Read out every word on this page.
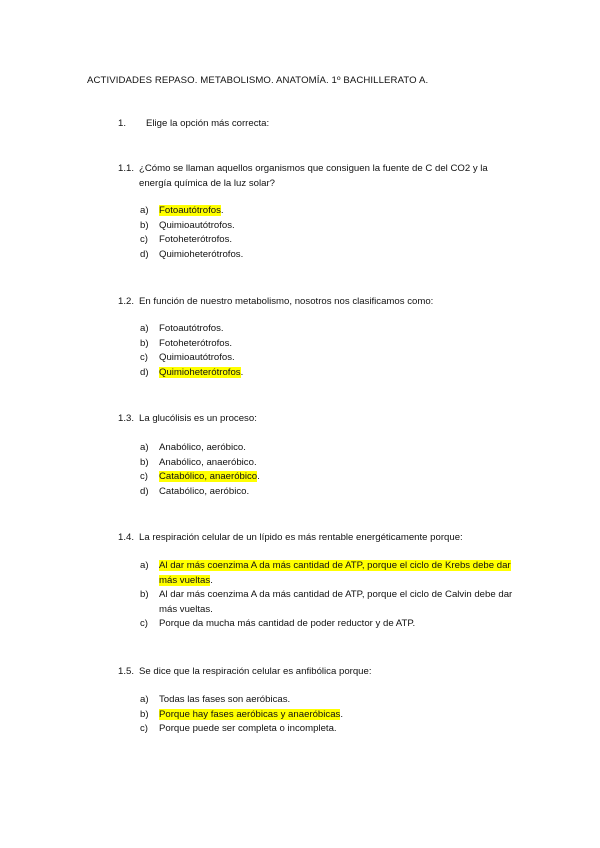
ACTIVIDADES REPASO. METABOLISMO. ANATOMÍA. 1º BACHILLERATO A.
1. Elige la opción más correcta:
1.1. ¿Cómo se llaman aquellos organismos que consiguen la fuente de C del CO2 y la energía química de la luz solar?
a) Fotoautótrofos.
b) Quimioautótrofos.
c) Fotoheterótrofos.
d) Quimioheterótrofos.
1.2. En función de nuestro metabolismo, nosotros nos clasificamos como:
a) Fotoautótrofos.
b) Fotoheterótrofos.
c) Quimioautótrofos.
d) Quimioheterótrofos.
1.3. La glucólisis es un proceso:
a) Anabólico, aeróbico.
b) Anabólico, anaeróbico.
c) Catabólico, anaeróbico.
d) Catabólico, aeróbico.
1.4. La respiración celular de un lípido es más rentable energéticamente porque:
a) Al dar más coenzima A da más cantidad de ATP, porque el ciclo de Krebs debe dar más vueltas.
b) Al dar más coenzima A da más cantidad de ATP, porque el ciclo de Calvin debe dar más vueltas.
c) Porque da mucha más cantidad de poder reductor y de ATP.
1.5. Se dice que la respiración celular es anfibólica porque:
a) Todas las fases son aeróbicas.
b) Porque hay fases aeróbicas y anaeróbicas.
c) Porque puede ser completa o incompleta.
